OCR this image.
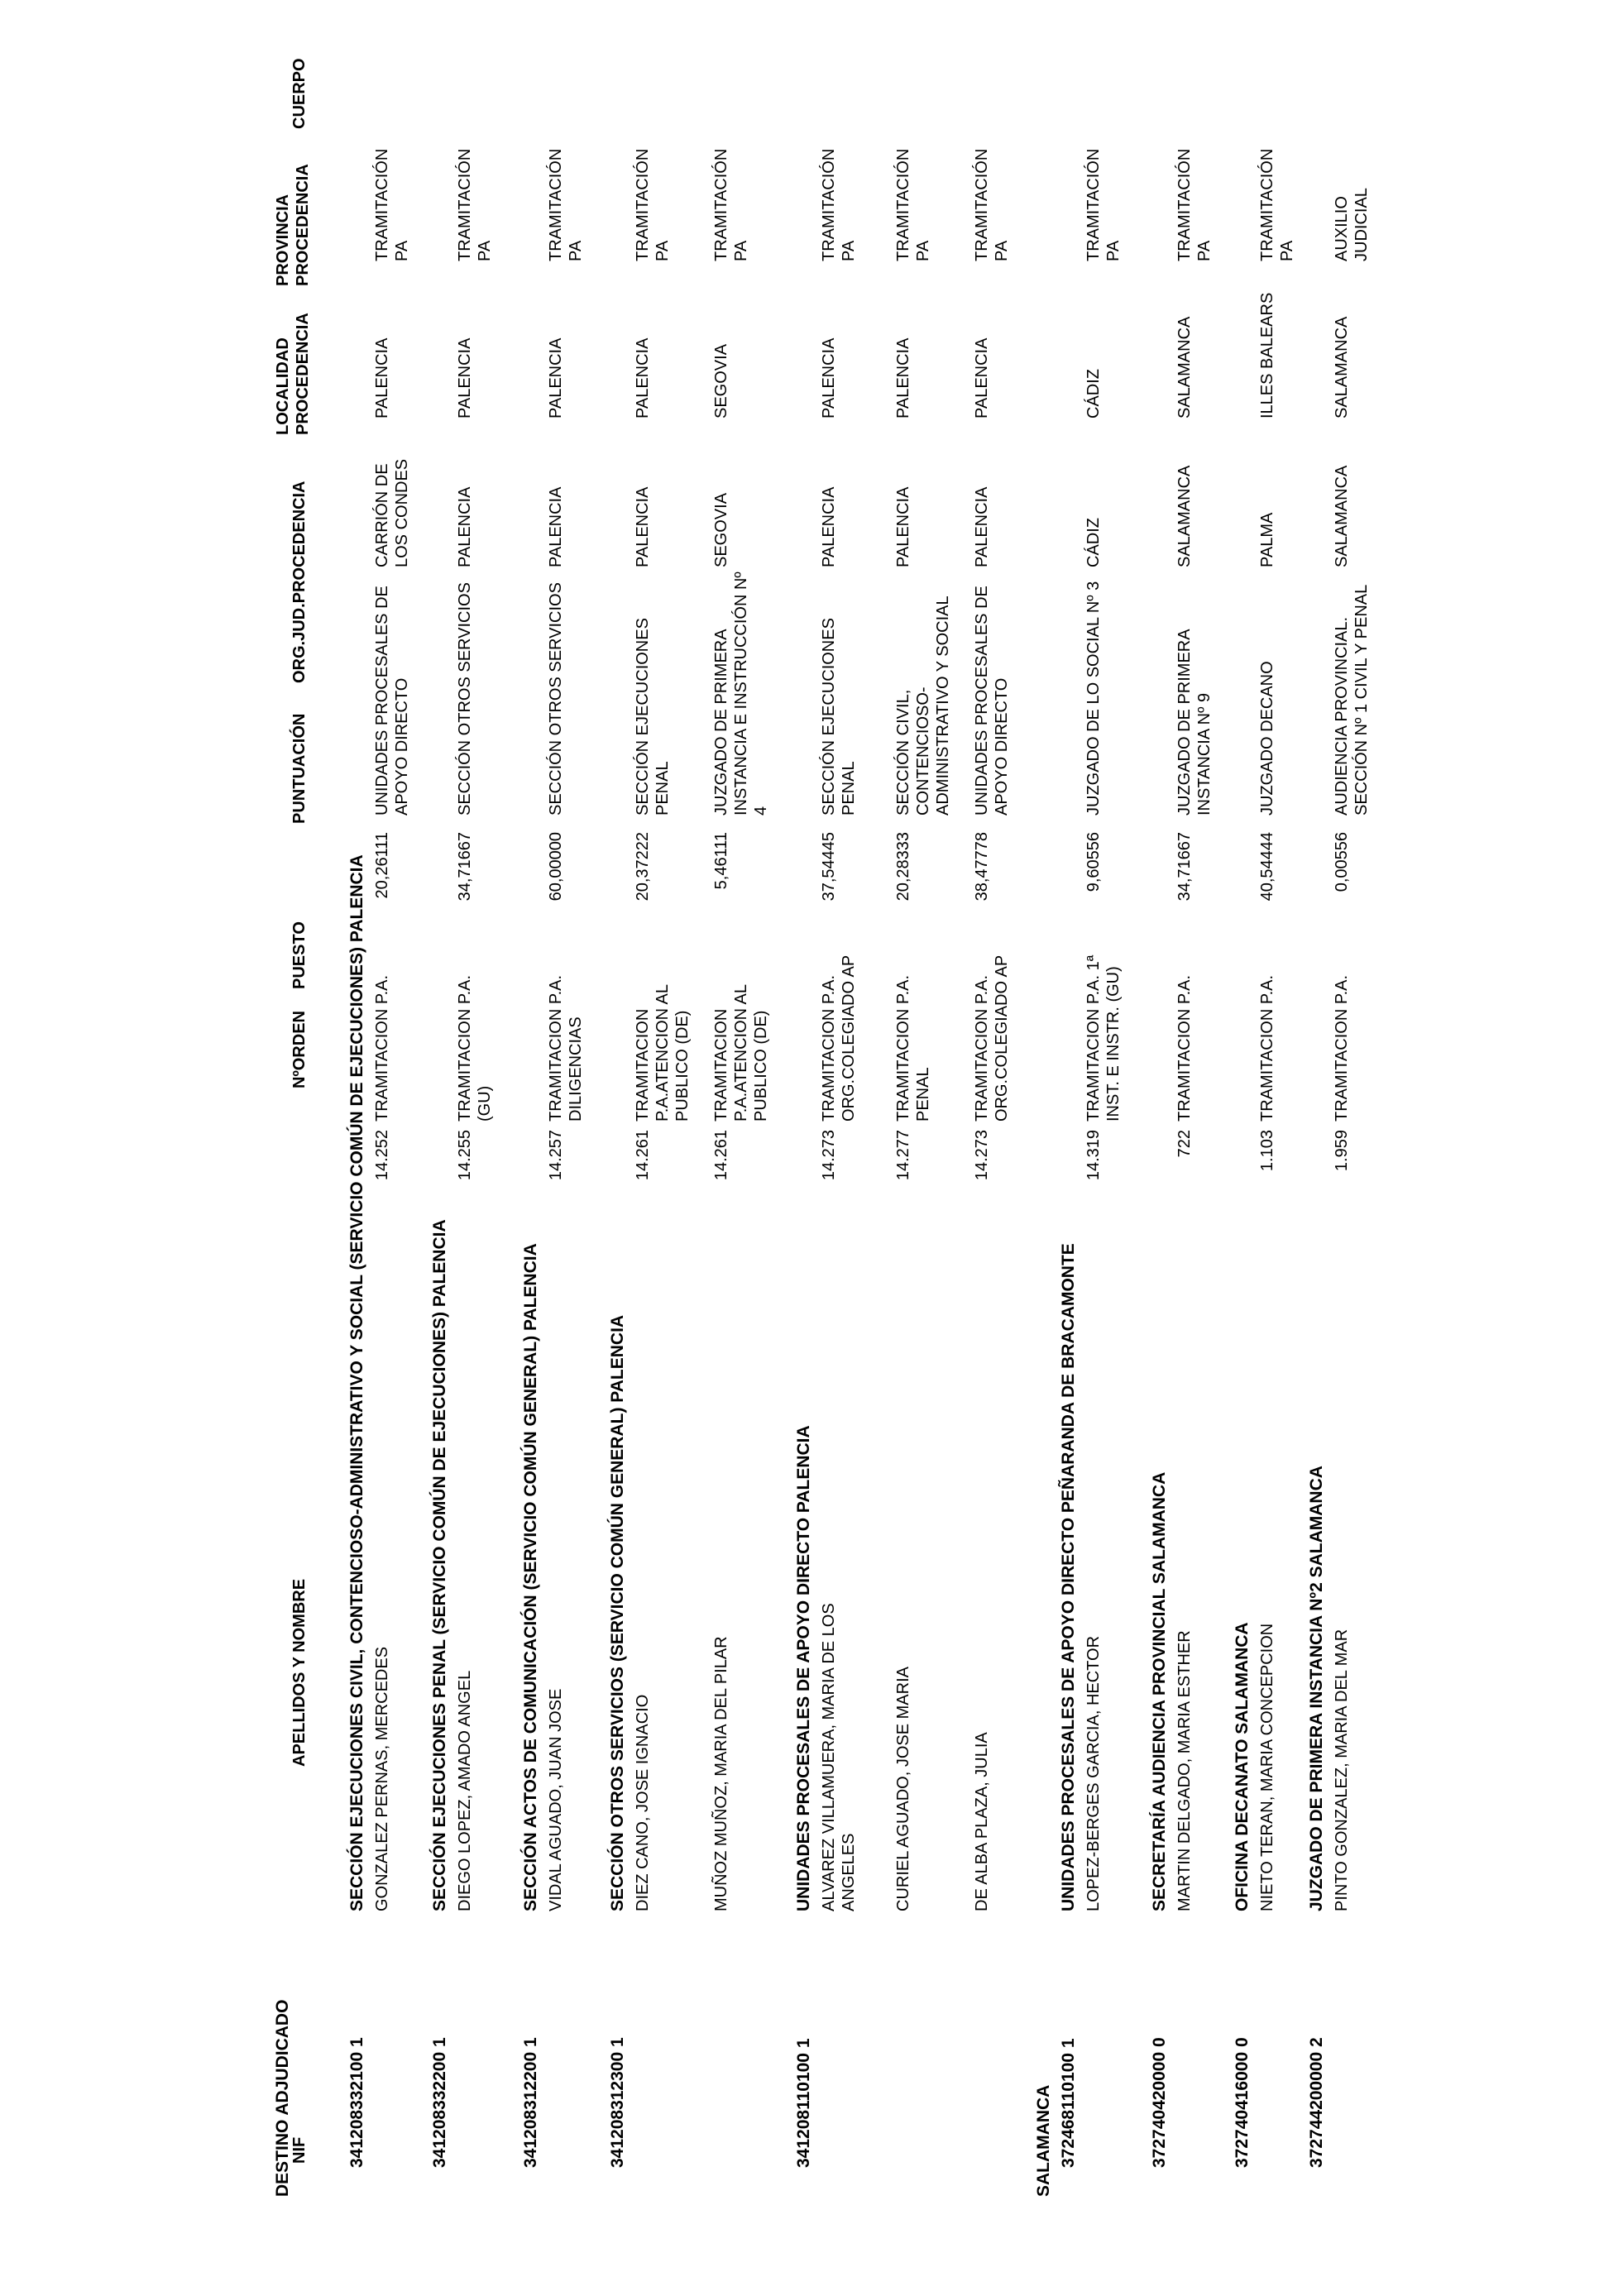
DESTINO ADJUDICADO
NIF
APELLIDOS Y NOMBRE
NºORDEN
PUESTO
PUNTUACIÓN
ORG.JUD.PROCEDENCIA
LOCALIDAD PROCEDENCIA
PROVINCIA PROCEDENCIA
CUERPO
341208332100 1
SECCIÓN EJECUCIONES CIVIL, CONTENCIOSO-ADMINISTRATIVO Y SOCIAL (SERVICIO COMÚN DE EJECUCIONES) PALENCIA GONZALEZ PERNAS, MERCEDES
14.252
TRAMITACION P.A.
20,26111
UNIDADES PROCESALES DE APOYO DIRECTO
CARRIÓN DE LOS CONDES
PALENCIA
TRAMITACIÓN PA
341208332200 1
SECCIÓN EJECUCIONES PENAL (SERVICIO COMÚN DE EJECUCIONES) PALENCIA DIEGO LOPEZ, AMADO ANGEL
14.255
TRAMITACION P.A. (GU)
34,71667
SECCIÓN OTROS SERVICIOS
PALENCIA
PALENCIA
TRAMITACIÓN PA
341208312200 1
SECCIÓN ACTOS DE COMUNICACIÓN (SERVICIO COMÚN GENERAL) PALENCIA VIDAL AGUADO, JUAN JOSE
14.257
TRAMITACION P.A. DILIGENCIAS
60,00000
SECCIÓN OTROS SERVICIOS
PALENCIA
PALENCIA
TRAMITACIÓN PA
341208312300 1
SECCIÓN OTROS SERVICIOS (SERVICIO COMÚN GENERAL) PALENCIA DIEZ CANO, JOSE IGNACIO
14.261
TRAMITACION P.A.ATENCION AL PUBLICO (DE)
20,37222
SECCIÓN EJECUCIONES PENAL
PALENCIA
PALENCIA
TRAMITACIÓN PA
MUÑOZ MUÑOZ, MARIA DEL PILAR
14.261
TRAMITACION P.A.ATENCION AL PUBLICO (DE)
5,46111
JUZGADO DE PRIMERA INSTANCIA E INSTRUCCIÓN Nº 4
SEGOVIA
SEGOVIA
TRAMITACIÓN PA
341208110100 1
UNIDADES PROCESALES DE APOYO DIRECTO PALENCIA ALVAREZ VILLAMUERA, MARIA DE LOS ANGELES
14.273
TRAMITACION P.A. ORG.COLEGIADO AP
37,54445
SECCIÓN EJECUCIONES PENAL
PALENCIA
PALENCIA
TRAMITACIÓN PA
CURIEL AGUADO, JOSE MARIA
14.277
TRAMITACION P.A. PENAL
20,28333
SECCIÓN CIVIL, CONTENCIOSO-ADMINISTRATIVO Y SOCIAL
PALENCIA
PALENCIA
TRAMITACIÓN PA
DE ALBA PLAZA, JULIA
14.273
TRAMITACION P.A. ORG.COLEGIADO AP
38,47778
UNIDADES PROCESALES DE APOYO DIRECTO
PALENCIA
PALENCIA
TRAMITACIÓN PA
372468110100 1
UNIDADES PROCESALES DE APOYO DIRECTO PEÑARANDA DE BRACAMONTE LOPEZ-BERGES GARCIA, HECTOR
14.319
TRAMITACION P.A. 1ª INST. E INSTR. (GU)
9,60556
JUZGADO DE LO SOCIAL Nº 3
CÁDIZ
CÁDIZ
TRAMITACIÓN PA
372740420000 0
SECRETARÍA AUDIENCIA PROVINCIAL SALAMANCA MARTIN DELGADO, MARIA ESTHER
722
TRAMITACION P.A.
34,71667
JUZGADO DE PRIMERA INSTANCIA Nº 9
SALAMANCA
SALAMANCA
TRAMITACIÓN PA
372740416000 0
OFICINA DECANATO SALAMANCA NIETO TERAN, MARIA CONCEPCION
1.103
TRAMITACION P.A.
40,54444
JUZGADO DECANO
PALMA
ILLES BALEARS
TRAMITACIÓN PA
372744200000 2
JUZGADO DE PRIMERA INSTANCIA Nº2 SALAMANCA PINTO GONZALEZ, MARIA DEL MAR
1.959
TRAMITACION P.A.
0,00556
AUDIENCIA PROVINCIAL. SECCIÓN Nº 1 CIVIL Y PENAL
SALAMANCA
SALAMANCA
AUXILIO JUDICIAL
SALAMANCA
